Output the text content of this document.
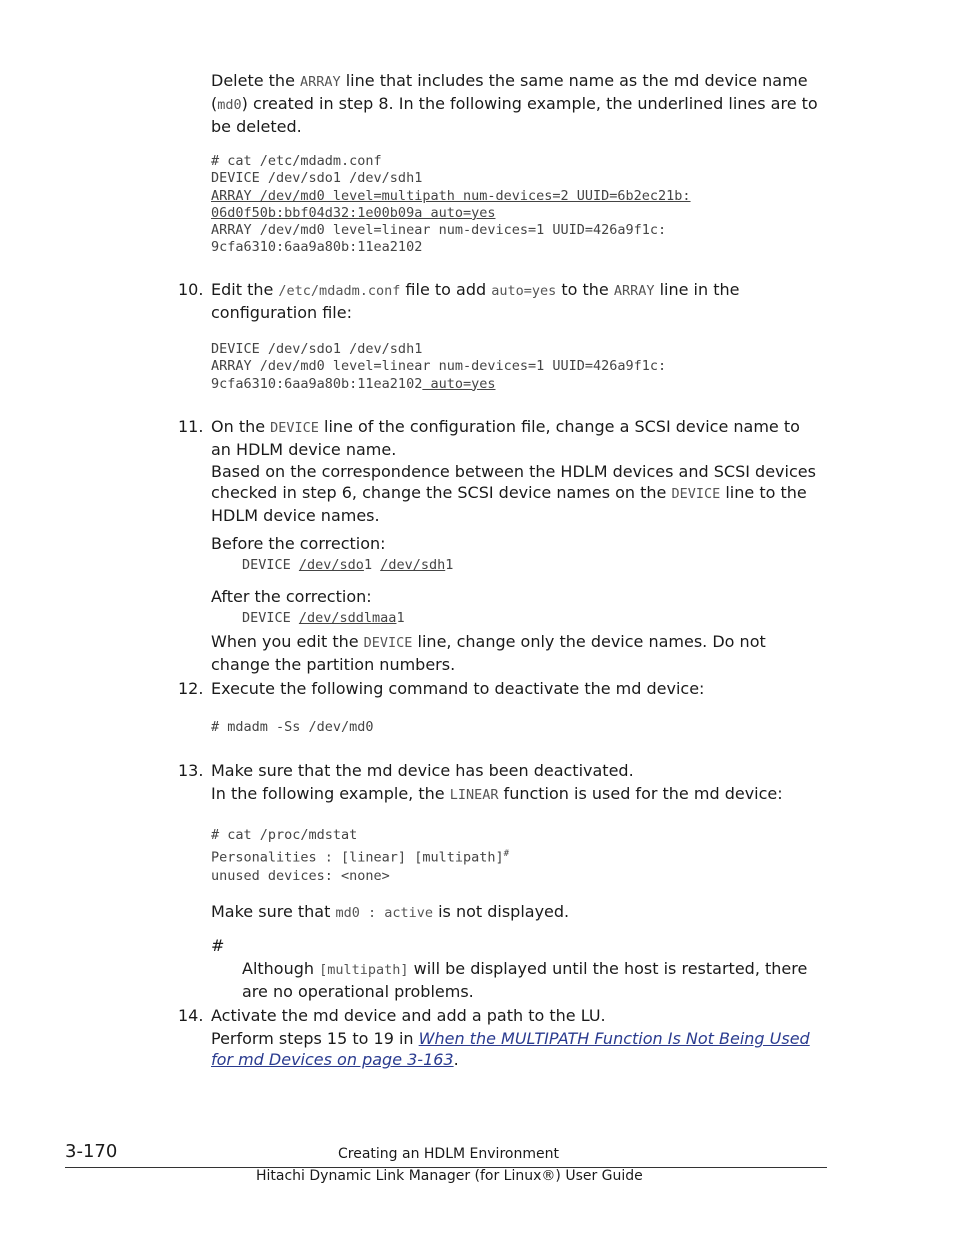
Delete the ARRAY line that includes the same name as the md device name (md0) created in step 8. In the following example, the underlined lines are to be deleted.

# cat /etc/mdadm.conf
DEVICE /dev/sdo1 /dev/sdh1
ARRAY /dev/md0 level=multipath num-devices=2 UUID=6b2ec21b:
06d0f50b:bbf04d32:1e00b09a auto=yes
ARRAY /dev/md0 level=linear num-devices=1 UUID=426a9f1c:
9cfa6310:6aa9a80b:11ea2102
10. Edit the /etc/mdadm.conf file to add auto=yes to the ARRAY line in the configuration file:

DEVICE /dev/sdo1 /dev/sdh1
ARRAY /dev/md0 level=linear num-devices=1 UUID=426a9f1c:
9cfa6310:6aa9a80b:11ea2102 auto=yes
11. On the DEVICE line of the configuration file, change a SCSI device name to an HDLM device name.

Based on the correspondence between the HDLM devices and SCSI devices checked in step 6, change the SCSI device names on the DEVICE line to the HDLM device names.

Before the correction:

DEVICE /dev/sdo1 /dev/sdh1

After the correction:

DEVICE /dev/sddlmaa1

When you edit the DEVICE line, change only the device names. Do not change the partition numbers.

12. Execute the following command to deactivate the md device:

# mdadm -Ss /dev/md0
13. Make sure that the md device has been deactivated.

In the following example, the LINEAR function is used for the md device:

# cat /proc/mdstat
Personalities : [linear] [multipath]#
unused devices: <none>

Make sure that md0 : active is not displayed.

#

Although [multipath] will be displayed until the host is restarted, there are no operational problems.

14. Activate the md device and add a path to the LU.

Perform steps 15 to 19 in When the MULTIPATH Function Is Not Being Used for md Devices on page 3-163.

3-170	Creating an HDLM Environment
Hitachi Dynamic Link Manager (for Linux®) User Guide
